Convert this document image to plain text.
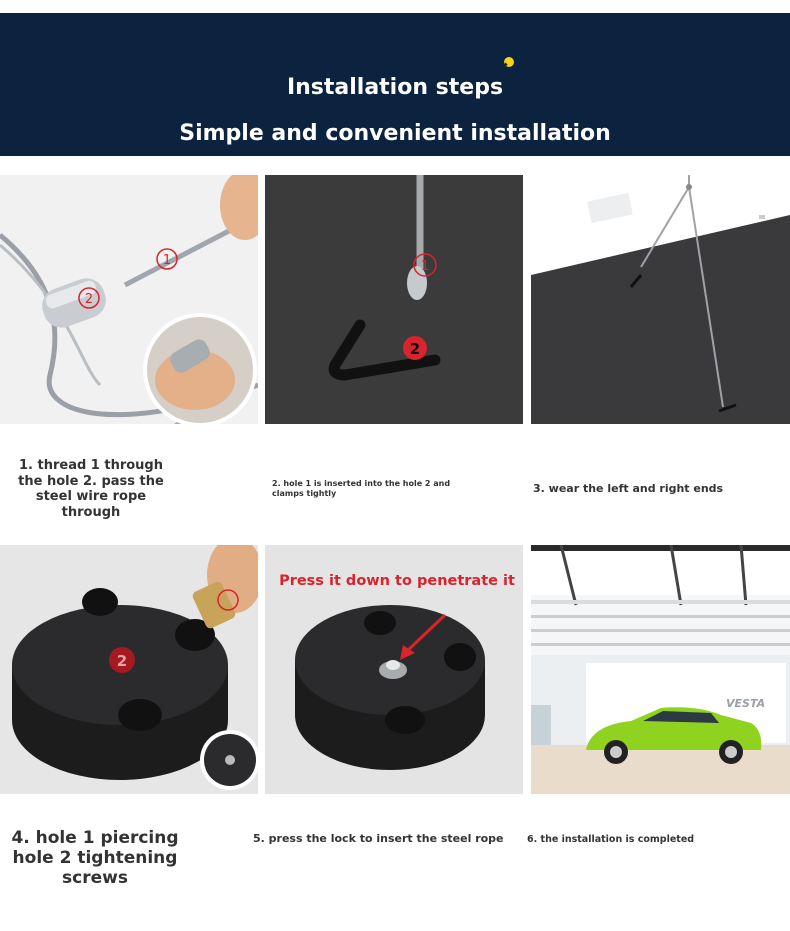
Installation steps
Simple and convenient installation
1
2
1
2
1. thread 1 through the hole 2. pass the steel wire rope through
2. hole 1 is inserted into the hole 2 and clamps tightly	3. wear the left and right ends
2
Press it down to penetrate it
VESTA
4. hole 1 piercing hole 2 tightening screws
5. press the lock to insert the steel rope	6. the installation is completed
